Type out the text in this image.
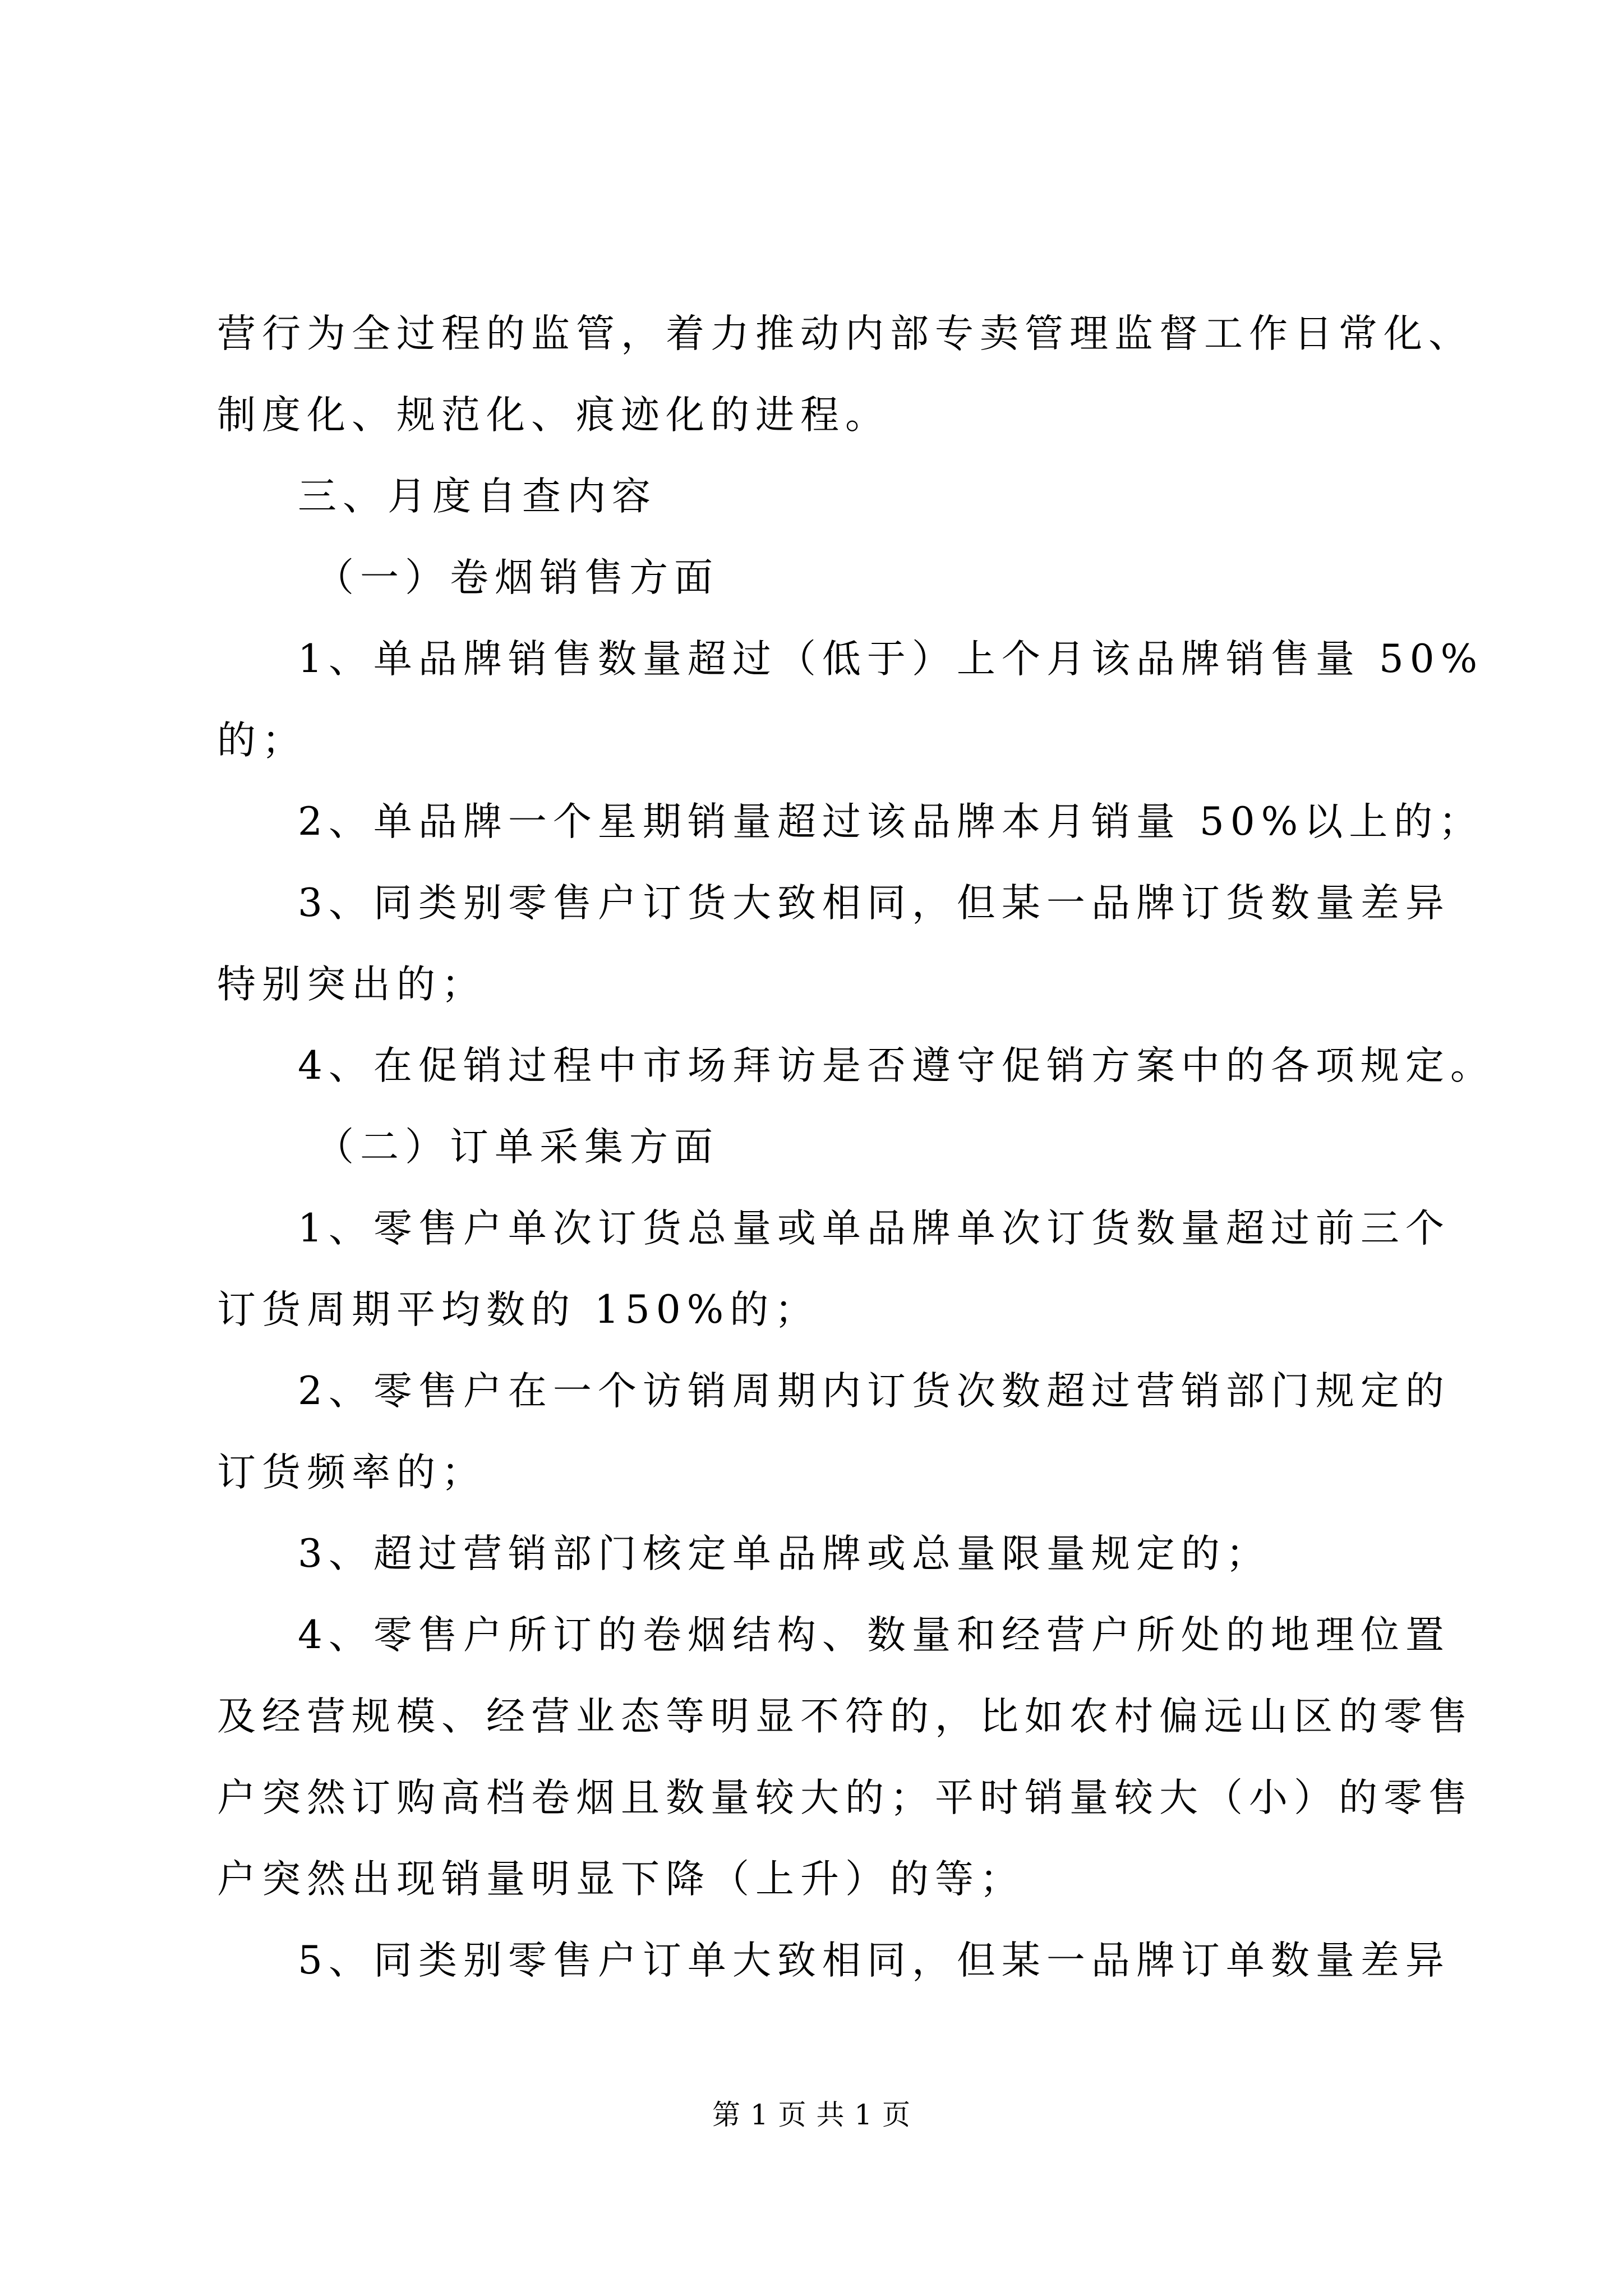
营行为全过程的监管，着力推动内部专卖管理监督工作日常化、
制度化、规范化、痕迹化的进程。
三、月度自查内容
（一）卷烟销售方面
1、单品牌销售数量超过（低于）上个月该品牌销售量 50%
的；
2、单品牌一个星期销量超过该品牌本月销量 50%以上的；
3、同类别零售户订货大致相同，但某一品牌订货数量差异
特别突出的；
4、在促销过程中市场拜访是否遵守促销方案中的各项规定。
（二）订单采集方面
1、零售户单次订货总量或单品牌单次订货数量超过前三个
订货周期平均数的 150%的；
2、零售户在一个访销周期内订货次数超过营销部门规定的
订货频率的；
3、超过营销部门核定单品牌或总量限量规定的；
4、零售户所订的卷烟结构、数量和经营户所处的地理位置
及经营规模、经营业态等明显不符的，比如农村偏远山区的零售
户突然订购高档卷烟且数量较大的；平时销量较大（小）的零售
户突然出现销量明显下降（上升）的等；
5、同类别零售户订单大致相同，但某一品牌订单数量差异
第 1 页 共 1 页
